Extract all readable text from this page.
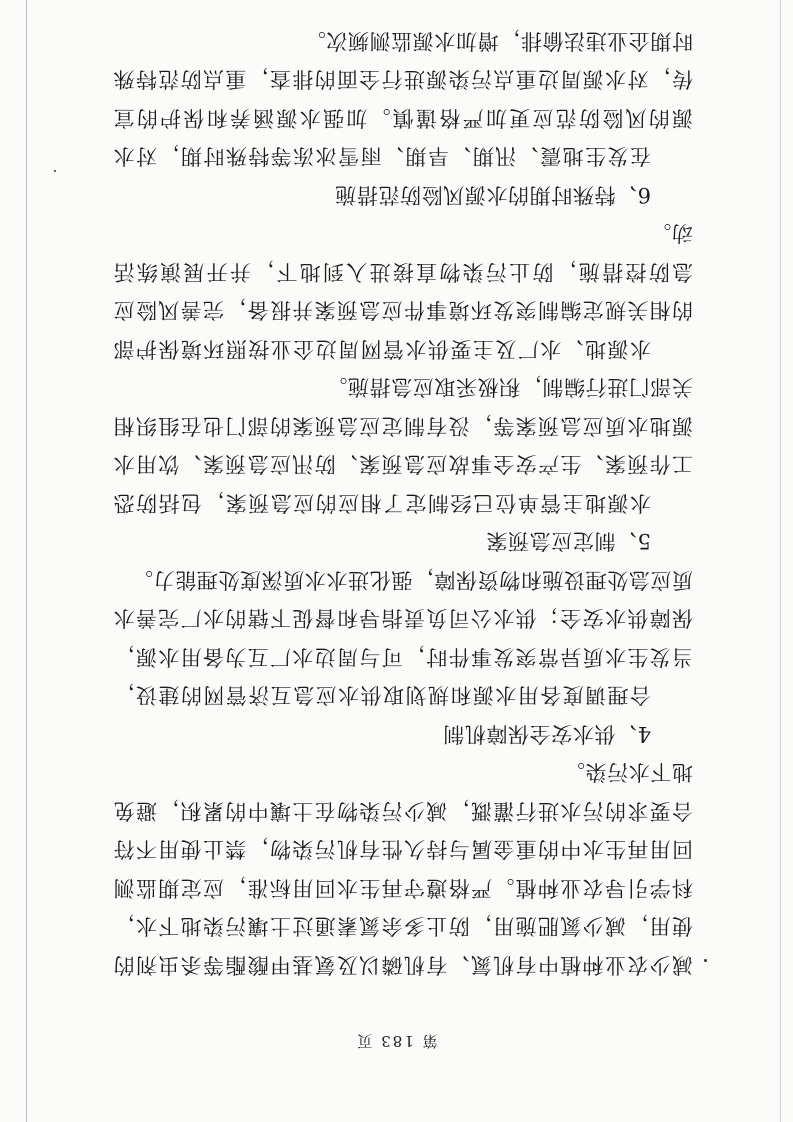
减少农业种植中有机氮、有机磷以及氨基甲酸酯等杀虫剂的使用，减少氮肥施用，防止多余氮素通过土壤污染地下水，科学引导农业种植。严格遵守再生水回用标准，应定期监测回用再生水中的重金属与持久性有机污染物，禁止使用不符合要求的污水进行灌溉，减少污染物在土壤中的累积，避免地下水污染。

4、供水安全保障机制

合理调度各用水源和规划取供水应急互济管网的建设，当发生水质异常突发事件时，可与周边水厂互为备用水源，保障供水安全；供水公司负责指导和督促下辖的水厂完善水质应急处理设施和物资保障，强化进水水质深度处理能力。

5、制定应急预案

水源地主管单位已经制定了相应的应急预案，包括防恐工作预案、生产安全事故应急预案、防汛应急预案、饮用水源地水质应急预案等，没有制定应急预案的部门也在组织相关部门进行编制，积极采取应急措施。

水源地、水厂及主要供水管网周边企业按照环境保护部的相关规定编制突发环境事件应急预案并报备，完善风险应急防控措施，防止污染物直接进入到地下，并开展演练活动。

6、特殊时期的水源风险防范措施

在发生地震、汛期、旱期、雨雪冰冻等特殊时期，对水源的风险防范应更加严格谨慎。加强水源涵养和保护的宣传，对水源周边重点污染源进行全面的排查，重点防范特殊时期企业违法偷排，增加水源监测频次。

第 183 页
